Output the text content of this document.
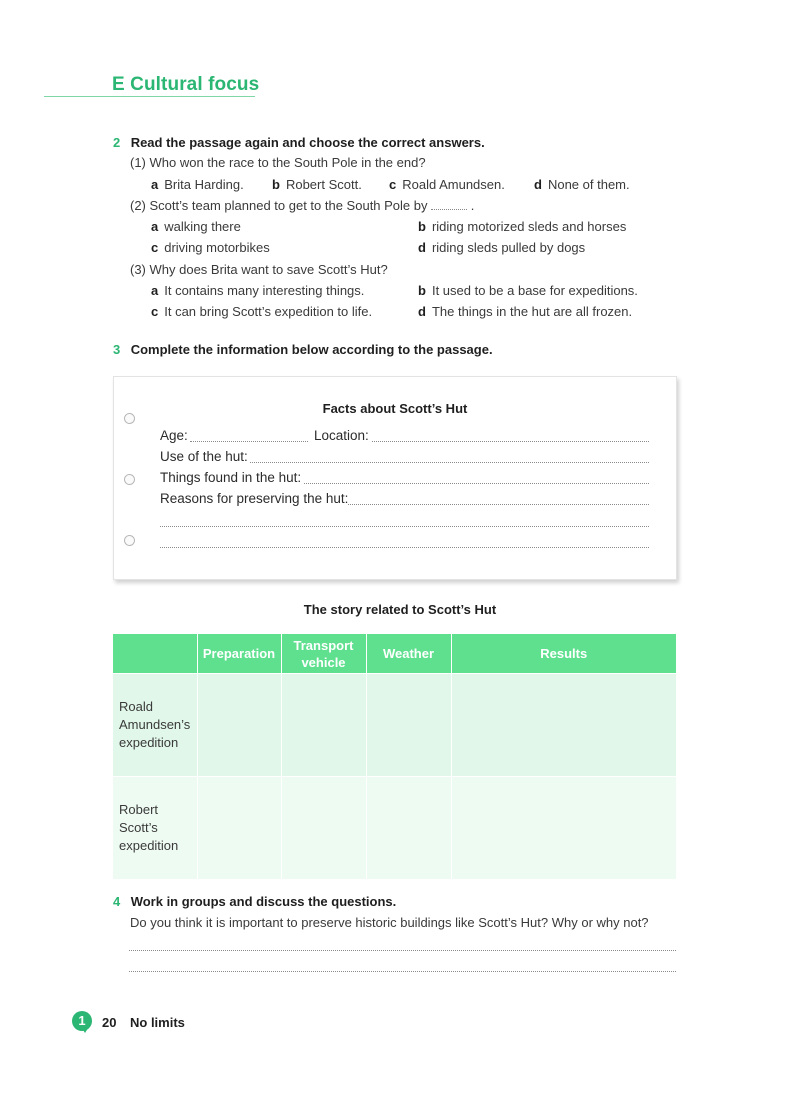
E Cultural focus
2 Read the passage again and choose the correct answers.
(1) Who won the race to the South Pole in the end?
a Brita Harding. b Robert Scott. c Roald Amundsen. d None of them.
(2) Scott’s team planned to get to the South Pole by	.
a walking there	b riding motorized sleds and horses
c driving motorbikes	d riding sleds pulled by dogs
(3) Why does Brita want to save Scott’s Hut?
a It contains many interesting things.	b It used to be a base for expeditions.
c It can bring Scott’s expedition to life.	d The things in the hut are all frozen.
3 Complete the information below according to the passage.
Facts about Scott’s Hut
Age:	Location:
Use of the hut:
Things found in the hut:
Reasons for preserving the hut:
The story related to Scott’s Hut
	Preparation	Transport vehicle	Weather	Results
Roald Amundsen’s expedition				
Robert Scott’s expedition				
4 Work in groups and discuss the questions.
Do you think it is important to preserve historic buildings like Scott’s Hut? Why or why not?
1	20 No limits
